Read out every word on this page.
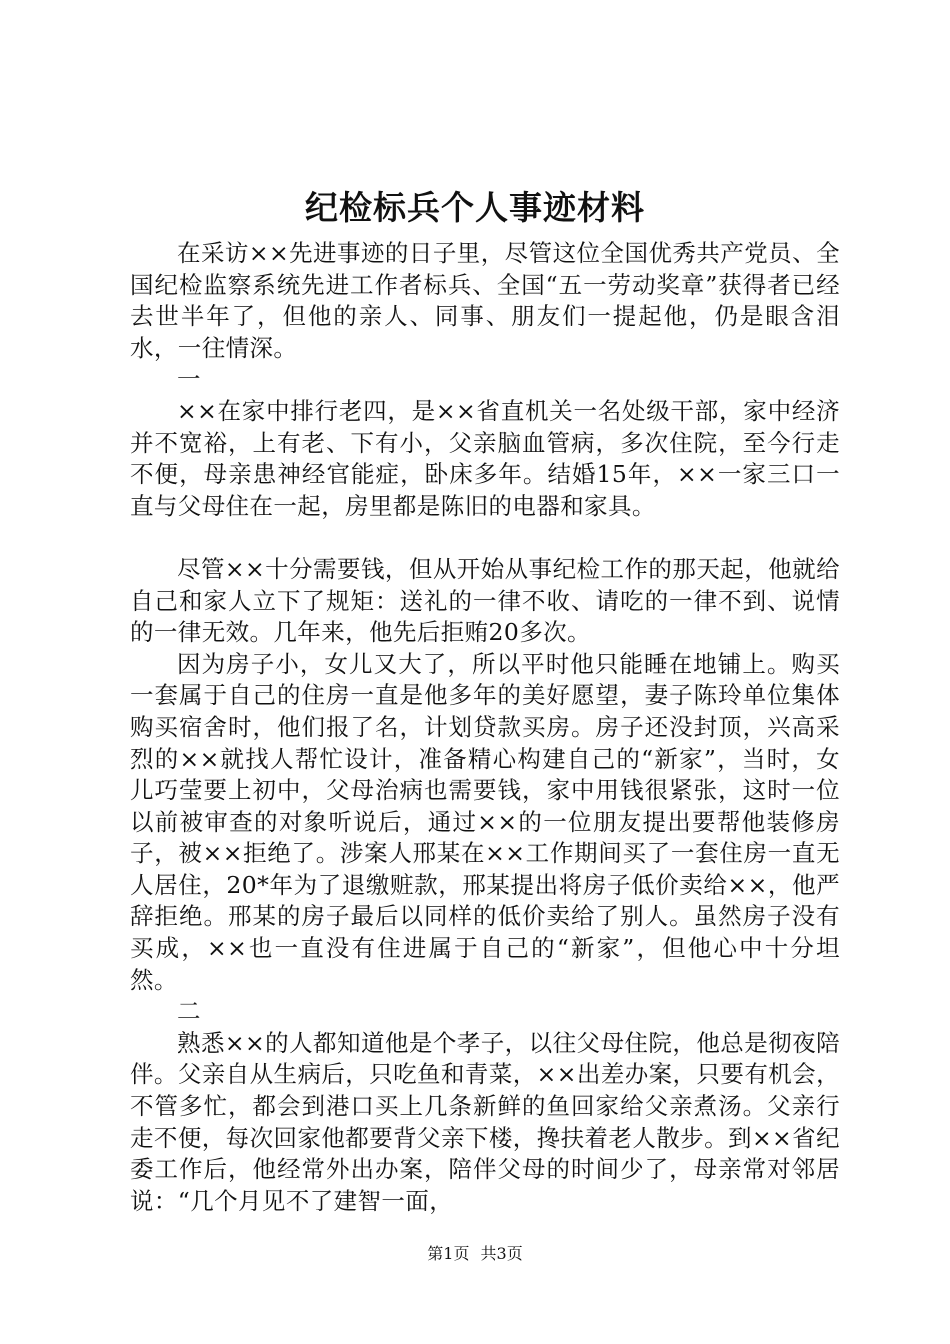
纪检标兵个人事迹材料

在采访××先进事迹的日子里，尽管这位全国优秀共产党员、全国纪检监察系统先进工作者标兵、全国“五一劳动奖章”获得者已经去世半年了，但他的亲人、同事、朋友们一提起他，仍是眼含泪水，一往情深。

一

××在家中排行老四，是××省直机关一名处级干部，家中经济并不宽裕，上有老、下有小，父亲脑血管病，多次住院，至今行走不便，母亲患神经官能症，卧床多年。结婚15年，××一家三口一直与父母住在一起，房里都是陈旧的电器和家具。

尽管××十分需要钱，但从开始从事纪检工作的那天起，他就给自己和家人立下了规矩：送礼的一律不收、请吃的一律不到、说情的一律无效。几年来，他先后拒贿20多次。

因为房子小，女儿又大了，所以平时他只能睡在地铺上。购买一套属于自己的住房一直是他多年的美好愿望，妻子陈玲单位集体购买宿舍时，他们报了名，计划贷款买房。房子还没封顶，兴高采烈的××就找人帮忙设计，准备精心构建自己的“新家”，当时，女儿巧莹要上初中，父母治病也需要钱，家中用钱很紧张，这时一位以前被审查的对象听说后，通过××的一位朋友提出要帮他装修房子，被××拒绝了。涉案人邢某在××工作期间买了一套住房一直无人居住，20*年为了退缴赃款，邢某提出将房子低价卖给××，他严辞拒绝。邢某的房子最后以同样的低价卖给了别人。虽然房子没有买成，××也一直没有住进属于自己的“新家”，但他心中十分坦然。

二

熟悉××的人都知道他是个孝子，以往父母住院，他总是彻夜陪伴。父亲自从生病后，只吃鱼和青菜，××出差办案，只要有机会，不管多忙，都会到港口买上几条新鲜的鱼回家给父亲煮汤。父亲行走不便，每次回家他都要背父亲下楼，搀扶着老人散步。到××省纪委工作后，他经常外出办案，陪伴父母的时间少了，母亲常对邻居说：“几个月见不了建智一面，

第1页 共3页
